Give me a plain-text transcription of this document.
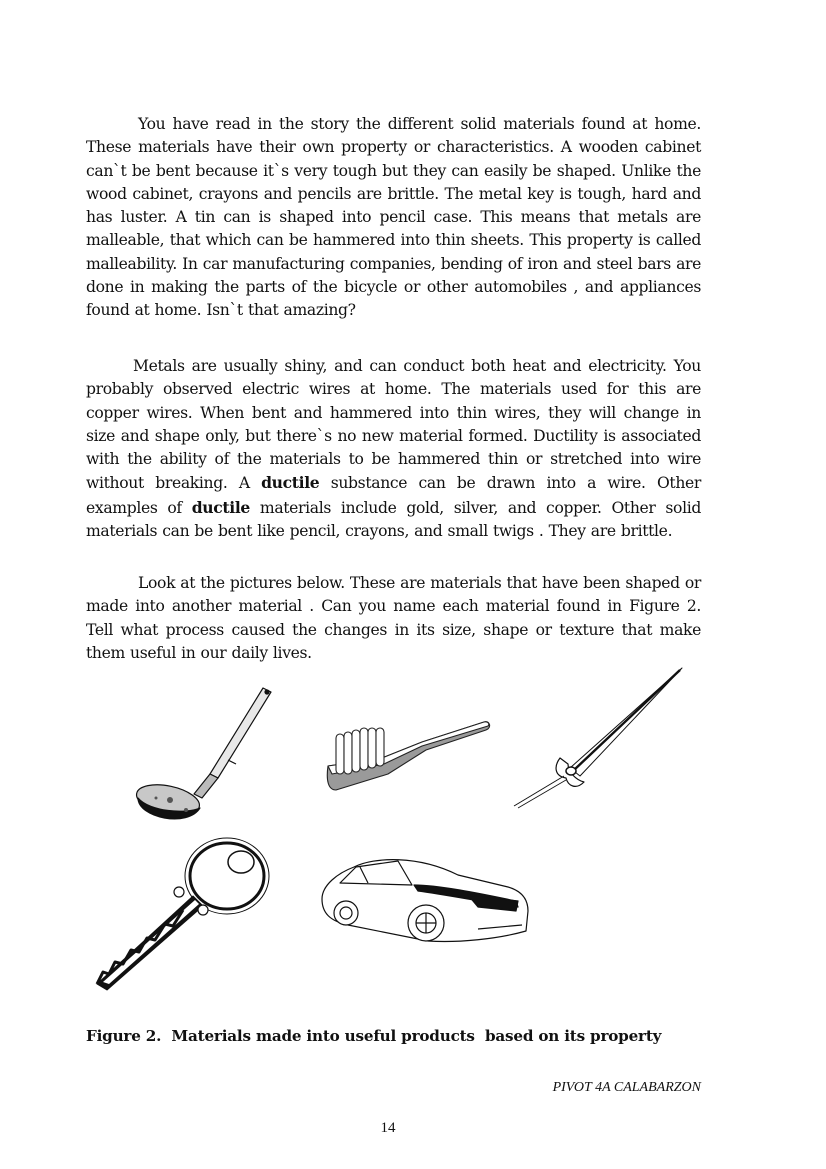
You have read in the story the different solid materials found at home. These materials have their own property or characteristics. A wooden cabinet can`t be bent because it`s very tough but they can easily be shaped. Unlike the wood cabinet, crayons and pencils are brittle. The metal key is tough, hard and has luster. A tin can is shaped into pencil case. This means that metals are malleable, that which can be hammered into thin sheets. This property is called malleability. In car manufacturing companies, bending of iron and steel bars are done in making the parts of the bicycle or other automobiles , and appliances found at home. Isn`t that amazing?

Metals are usually shiny, and can conduct both heat and electricity. You probably observed electric wires at home. The materials used for this are copper wires. When bent and hammered into thin wires, they will change in size and shape only, but there`s no new material formed. Ductility is associated with the ability of the materials to be hammered thin or stretched into wire without breaking. A ductile substance can be drawn into a wire. Other examples of ductile materials include gold, silver, and copper. Other solid materials can be bent like pencil, crayons, and small twigs . They are brittle.

Look at the pictures below. These are materials that have been shaped or made into another material . Can you name each material found in Figure 2. Tell what process caused the changes in its size, shape or texture that make them useful in our daily lives.

Figure 2.  Materials made into useful products  based on its property
PIVOT 4A CALABARZON
14
